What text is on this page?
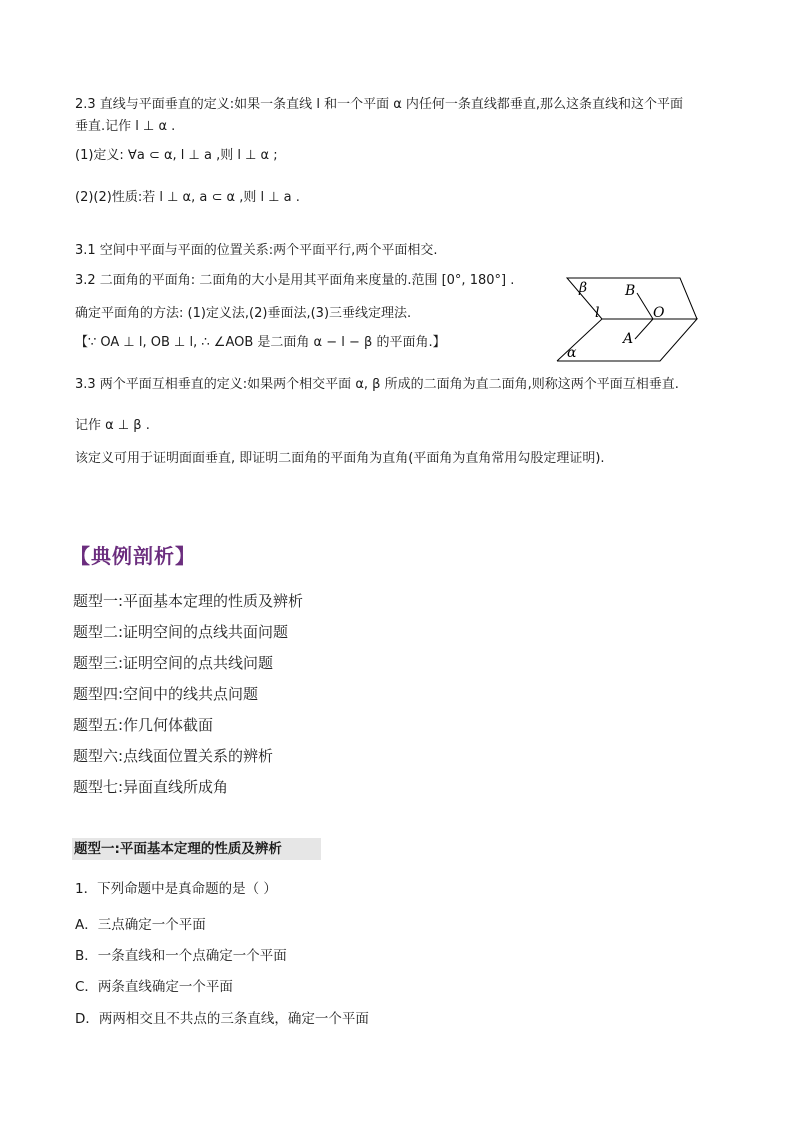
2.3 直线与平面垂直的定义:如果一条直线 l 和一个平面 α 内任何一条直线都垂直,那么这条直线和这个平面
垂直.记作 l ⊥ α .
(1)定义: ∀a ⊂ α, l ⊥ a ,则 l ⊥ α ;
(2)(2)性质:若 l ⊥ α, a ⊂ α ,则 l ⊥ a .
3.1 空间中平面与平面的位置关系:两个平面平行,两个平面相交.
3.2 二面角的平面角: 二面角的大小是用其平面角来度量的.范围 [0°, 180°] .
确定平面角的方法: (1)定义法,(2)垂面法,(3)三垂线定理法.
【∵ OA ⊥ l, OB ⊥ l, ∴ ∠AOB 是二面角 α − l − β 的平面角.】
β	B
l	O
A
α
3.3 两个平面互相垂直的定义:如果两个相交平面 α, β 所成的二面角为直二面角,则称这两个平面互相垂直.
记作 α ⊥ β .
该定义可用于证明面面垂直, 即证明二面角的平面角为直角(平面角为直角常用勾股定理证明).
【典例剖析】
题型一:平面基本定理的性质及辨析
题型二:证明空间的点线共面问题
题型三:证明空间的点共线问题
题型四:空间中的线共点问题
题型五:作几何体截面
题型六:点线面位置关系的辨析
题型七:异面直线所成角
题型一:平面基本定理的性质及辨析
1．下列命题中是真命题的是（ ）
A．三点确定一个平面
B．一条直线和一个点确定一个平面
C．两条直线确定一个平面
D．两两相交且不共点的三条直线，确定一个平面
